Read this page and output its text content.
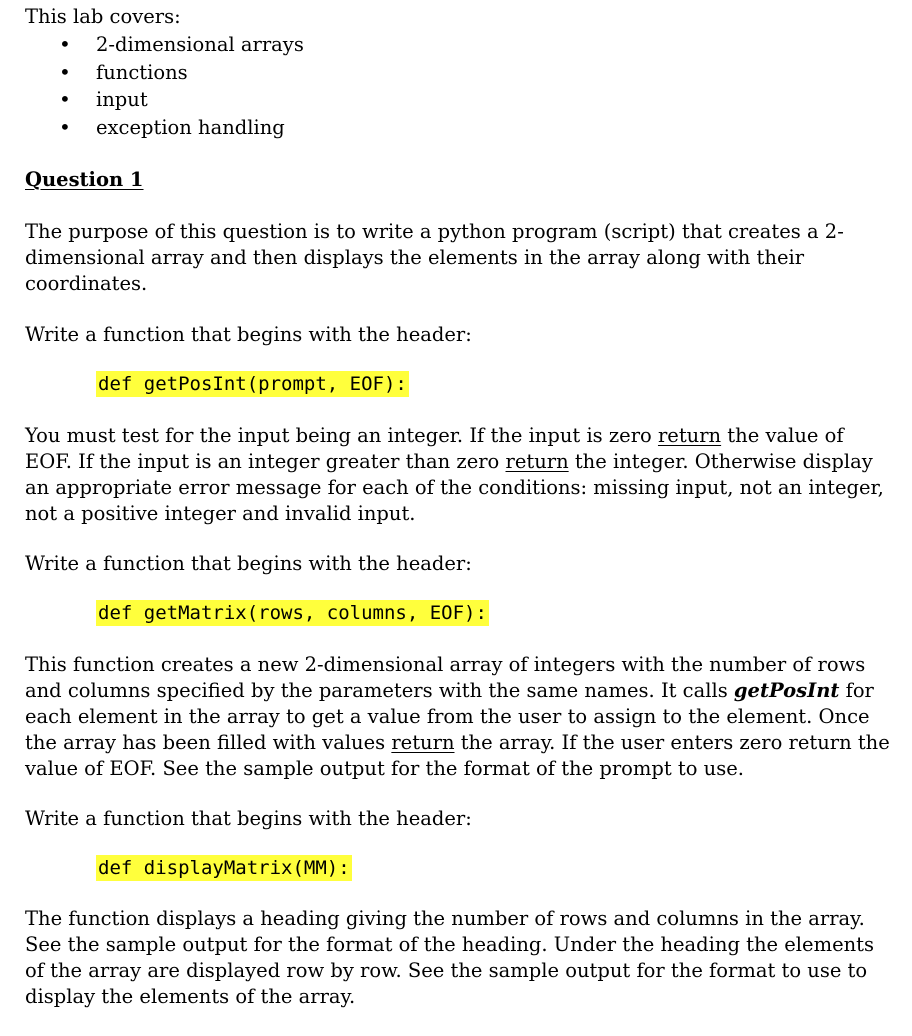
This lab covers:

• 2-dimensional arrays
• functions
• input
• exception handling

Question 1

The purpose of this question is to write a python program (script) that creates a 2-dimensional array and then displays the elements in the array along with their coordinates.

Write a function that begins with the header:

def getPosInt(prompt, EOF):

You must test for the input being an integer. If the input is zero return the value of EOF. If the input is an integer greater than zero return the integer. Otherwise display an appropriate error message for each of the conditions: missing input, not an integer, not a positive integer and invalid input.

Write a function that begins with the header:

def getMatrix(rows, columns, EOF):

This function creates a new 2-dimensional array of integers with the number of rows and columns specified by the parameters with the same names. It calls getPosInt for each element in the array to get a value from the user to assign to the element. Once the array has been filled with values return the array. If the user enters zero return the value of EOF. See the sample output for the format of the prompt to use.

Write a function that begins with the header:

def displayMatrix(MM):

The function displays a heading giving the number of rows and columns in the array. See the sample output for the format of the heading. Under the heading the elements of the array are displayed row by row. See the sample output for the format to use to display the elements of the array.
